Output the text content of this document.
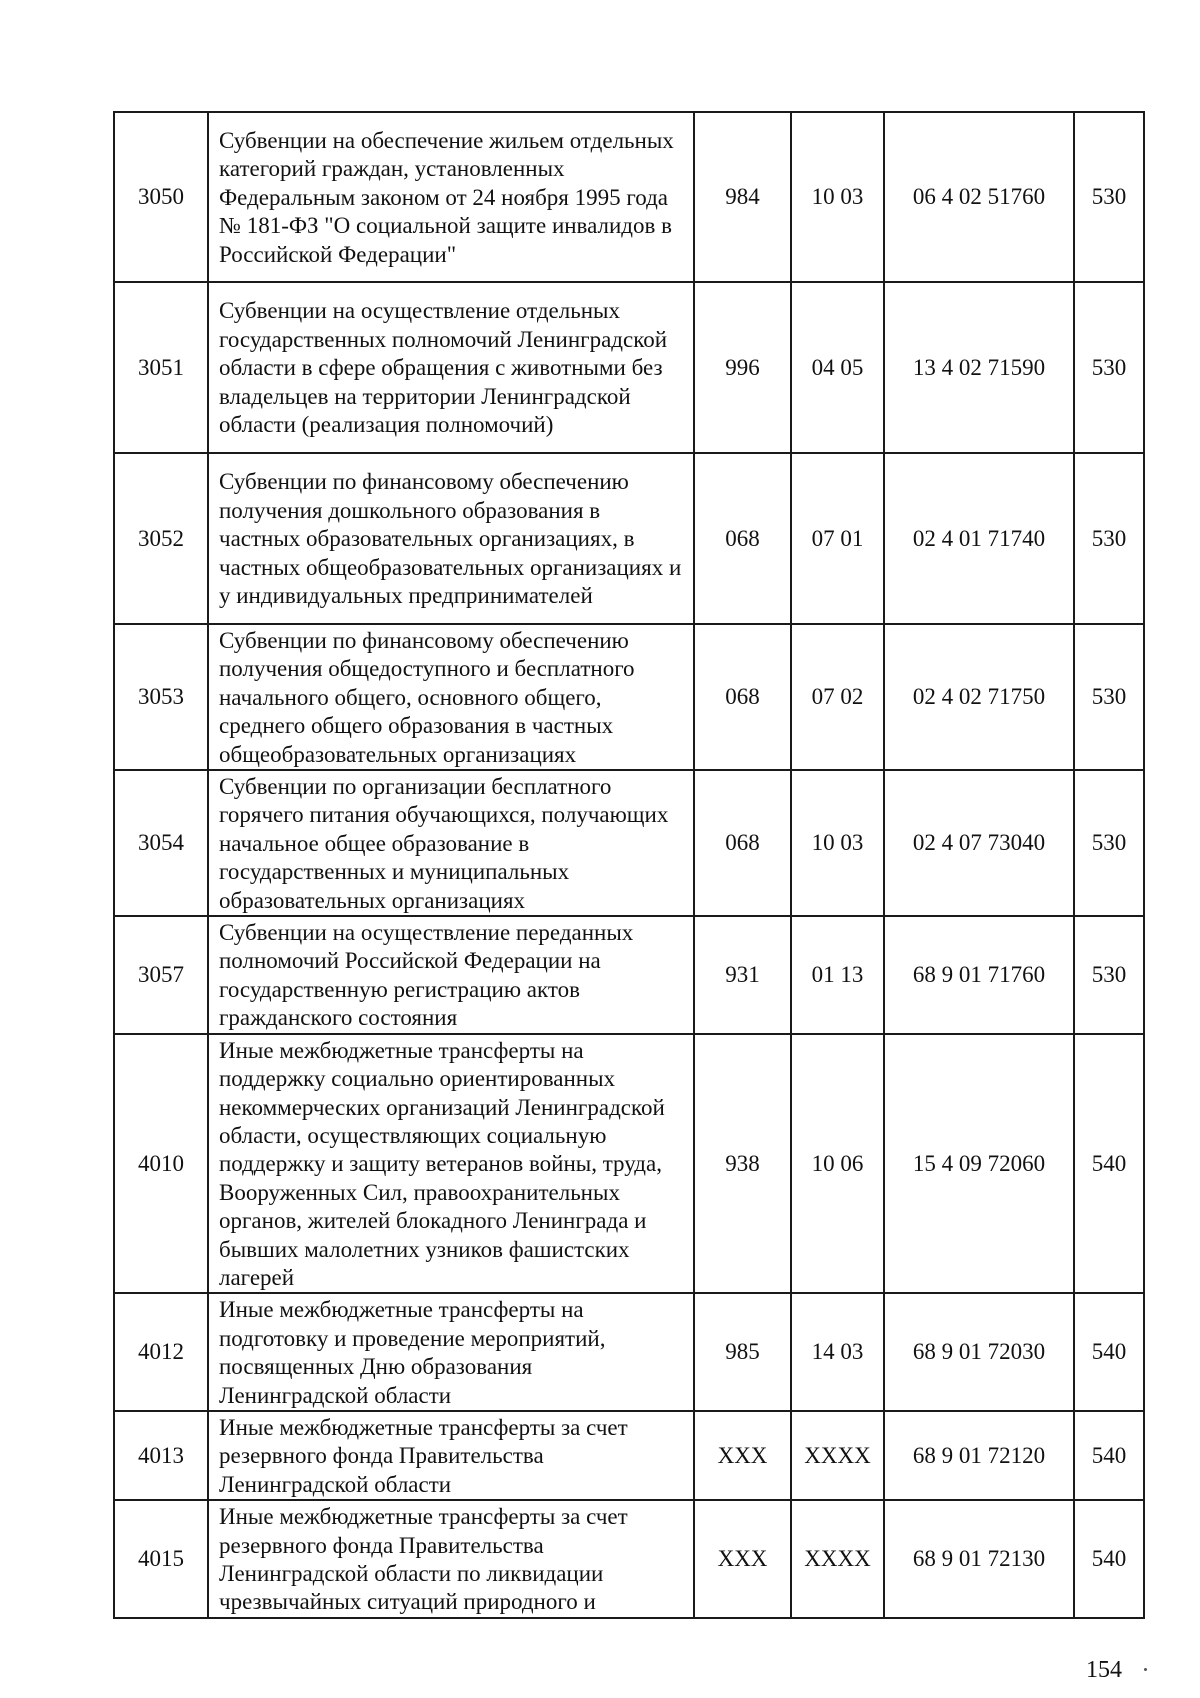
3050	Субвенции на обеспечение жильем отдельных категорий граждан, установленных Федеральным законом от 24 ноября 1995 года № 181-ФЗ "О социальной защите инвалидов в Российской Федерации"	984	10 03	06 4 02 51760	530
3051	Субвенции на осуществление отдельных государственных полномочий Ленинградской области в сфере обращения с животными без владельцев на территории Ленинградской области (реализация полномочий)	996	04 05	13 4 02 71590	530
3052	Субвенции по финансовому обеспечению получения дошкольного образования в частных образовательных организациях, в частных общеобразовательных организациях и у индивидуальных предпринимателей	068	07 01	02 4 01 71740	530
3053	Субвенции по финансовому обеспечению получения общедоступного и бесплатного начального общего, основного общего, среднего общего образования в частных общеобразовательных организациях	068	07 02	02 4 02 71750	530
3054	Субвенции по организации бесплатного горячего питания обучающихся, получающих начальное общее образование в государственных и муниципальных образовательных организациях	068	10 03	02 4 07 73040	530
3057	Субвенции на осуществление переданных полномочий Российской Федерации на государственную регистрацию актов гражданского состояния	931	01 13	68 9 01 71760	530
4010	Иные межбюджетные трансферты на поддержку социально ориентированных некоммерческих организаций Ленинградской области, осуществляющих социальную поддержку и защиту ветеранов войны, труда, Вооруженных Сил, правоохранительных органов, жителей блокадного Ленинграда и бывших малолетних узников фашистских лагерей	938	10 06	15 4 09 72060	540
4012	Иные межбюджетные трансферты на подготовку и проведение мероприятий, посвященных Дню образования Ленинградской области	985	14 03	68 9 01 72030	540
4013	Иные межбюджетные трансферты за счет резервного фонда Правительства Ленинградской области	XXX	XXXX	68 9 01 72120	540
4015	Иные межбюджетные трансферты за счет резервного фонда Правительства Ленинградской области по ликвидации чрезвычайных ситуаций природного и	XXX	XXXX	68 9 01 72130	540
154
